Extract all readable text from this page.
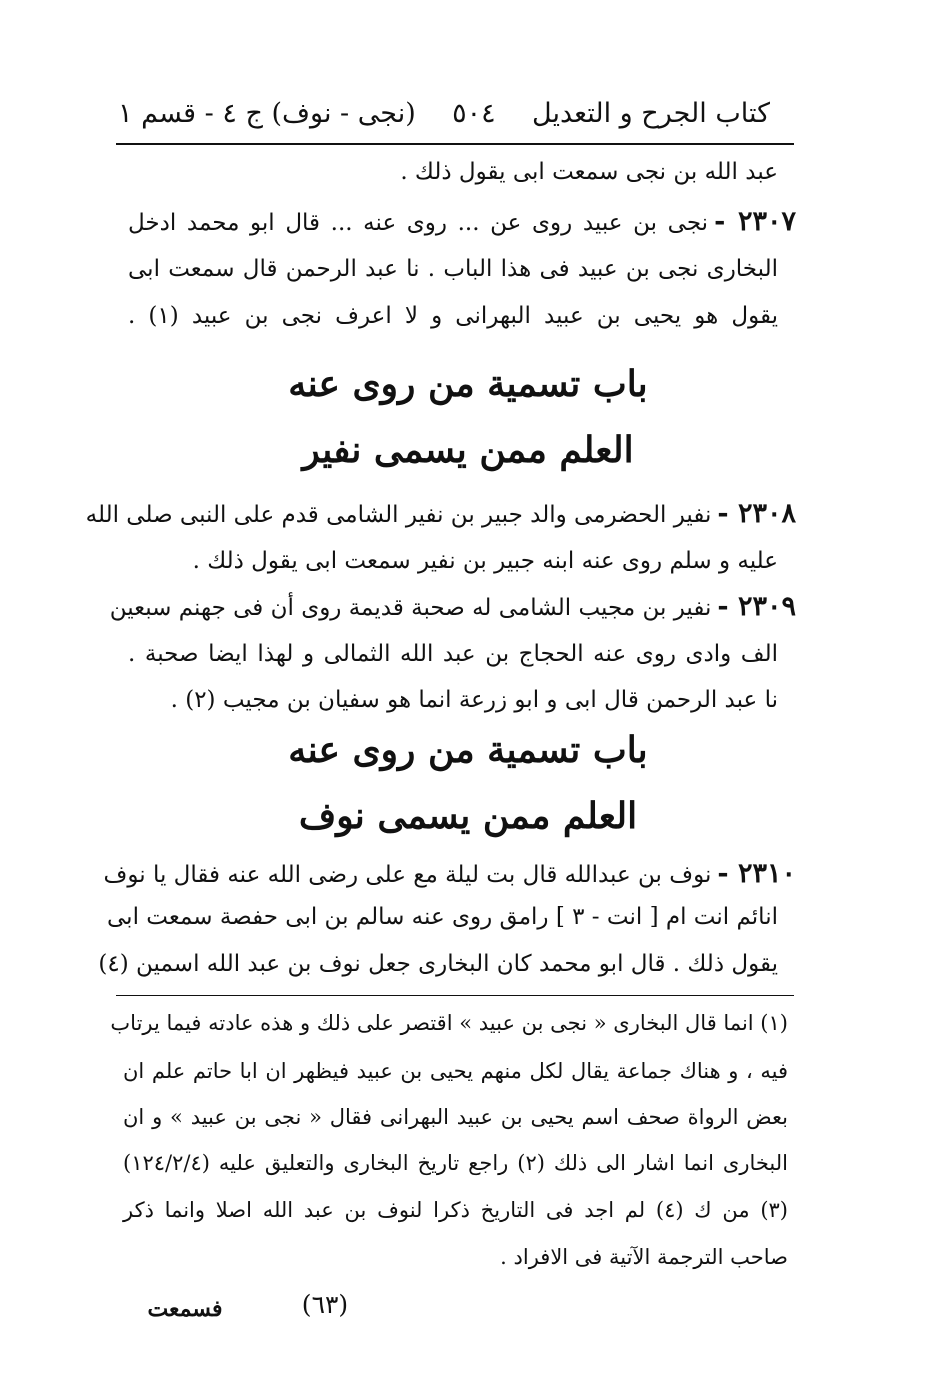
كتاب الجرح و التعديل
٥٠٤
(نجى - نوف) ج ٤ - قسم ١
عبد الله بن نجى سمعت ابى يقول ذلك .
٢٣٠٧ -نجى بن عبيد روى عن ... روى عنه ... قال ابو محمد ادخل
البخارى نجى بن عبيد فى هذا الباب . نا عبد الرحمن قال سمعت ابى
يقول هو يحيى بن عبيد البهرانى و لا اعرف نجى بن عبيد (١) .
باب تسمية من روى عنه
العلم ممن يسمى نفير
٢٣٠٨ -نفير الحضرمى والد جبير بن نفير الشامى قدم على النبى صلى الله
عليه و سلم روى عنه ابنه جبير بن نفير سمعت ابى يقول ذلك .
٢٣٠٩ -نفير بن مجيب الشامى له صحبة قديمة روى أن فى جهنم سبعين
الف وادى روى عنه الحجاج بن عبد الله الثمالى و لهذا ايضا صحبة .
نا عبد الرحمن قال ابى و ابو زرعة انما هو سفيان بن مجيب (٢) .
باب تسمية من روى عنه
العلم ممن يسمى نوف
٢٣١٠ -نوف بن عبدالله قال بت ليلة مع على رضى الله عنه فقال يا نوف
انائم انت ام [ انت - ٣ ] رامق روى عنه سالم بن ابى حفصة سمعت ابى
يقول ذلك . قال ابو محمد كان البخارى جعل نوف بن عبد الله اسمين (٤)
(١) انما قال البخارى « نجى بن عبيد » اقتصر على ذلك و هذه عادته فيما يرتاب
فيه ، و هناك جماعة يقال لكل منهم يحيى بن عبيد فيظهر ان ابا حاتم علم ان
بعض الرواة صحف اسم يحيى بن عبيد البهرانى فقال « نجى بن عبيد » و ان
البخارى انما اشار الى ذلك (٢) راجع تاريخ البخارى والتعليق عليه (١٢٤/٢/٤)
(٣) من ك (٤) لم اجد فى التاريخ ذكرا لنوف بن عبد الله اصلا وانما ذكر
صاحب الترجمة الآتية فى الافراد .
(٦٣)
فسمعت
